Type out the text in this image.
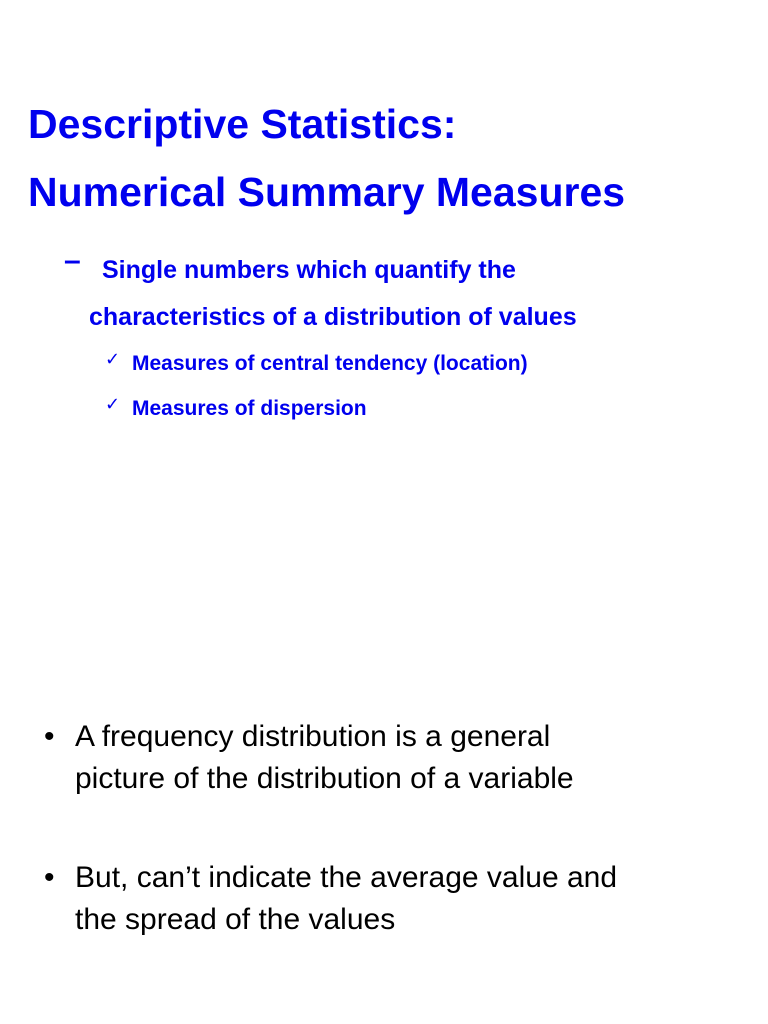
Descriptive Statistics:
Numerical Summary Measures
– Single numbers which quantify the
characteristics of a distribution of values
✓ Measures of central tendency (location)
✓ Measures of dispersion
• A frequency distribution is a general
picture of the distribution of a variable
• But, can’t indicate the average value and
the spread of the values
